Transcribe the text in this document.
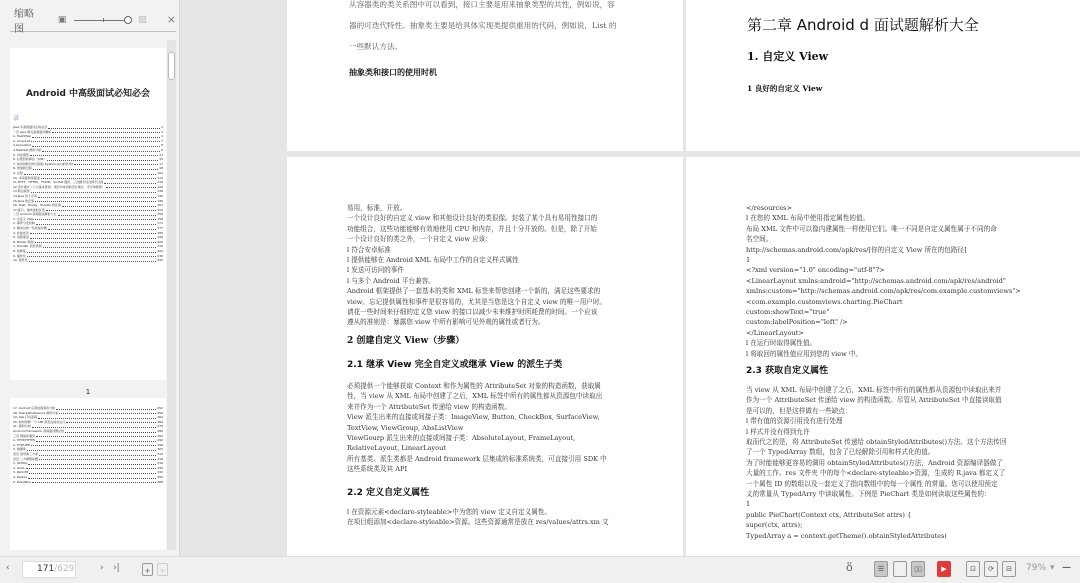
缩略图
▣	▨ ×
Android 中高级面试必知必会
录
Java 中高级面试必知必会	1
一章 Java 相关高频面试解析	1
1. HashMap	1
2. ArrayList	7
3.LinkedList	8
4.HashSet 源码分析	9
5. 内存模型	11
6. 垃圾回收算法（JVM）	15
7. 如何判断对象可回收 System.gc()的作用?	17
8. 类加载过程	18
9. 反射	102
10. 多线程和线程池	112
11.HTTP、HTTPS、TCP/IP、Socket 通讯、三次握手四次挥手过程	116
12.设计模式（六大基本原则、项目中常用的设计模式、手写单例等）	120
13.断点续传	138
14.Java 四大引用	140
15.Java 的泛型	146
16. final、finally、finalize 的区别	151
17.接口、抽象类的区别	152
二章 Android 高频面试解析大全	156
1. 自定义 View	156
2. 事件分发机制	171
3. 解决过的一些性能问题	177
4. 性能优化	185
5. 进程保活	196
6. Binder 机制	206
7. Handler 消息机制	215
8. 热修复	222
9. 插件化	236
10. 组件化	245
1
17. Android 应用进程和包分析	252
18. SharedPreference 源码分析	258
19. apk 打包流程	262
20. 如何判断一个 APP 是否在前台运行	266
21. 源码分析	270
Android Framework 高频面试题总结	280
三章 网络和通讯	292
1. HTTP/HTTPS	292
2. TCP/UDP	298
3. 数据库	305
四章 常用第三方库	310
四章 三方框架问题	316
1. OkHttp	316
2. Glide	330
3. Retrofit	342
4. RxJava	355
5. EventBus	368

从容器类的类关系图中可以看到，接口主要是用来抽象类型的共性，例如说，容

器的可迭代特性。抽象类主要是给具体实现类提供重用的代码，例如说，List 的

一些默认方法。

抽象类和接口的使用时机
第二章 Android d 面试题解析大全
1. 自定义 View
1 良好的自定义 View

易用，标准，开放。

一个设计良好的自定义 view 和其他设计良好的类很像。封装了某个具有易用性接口的

功能组合，这些功能能够有效地使用 CPU 和内存，并且十分开放的。但是，除了开始

一个设计良好的类之外，一个自定义 view 应该：

l 符合安卓标准

l 提供能够在 Android XML 布局中工作的自定义样式属性

l 发送可访问的事件

l 与多个 Android 平台兼容。

Android 框架提供了一套基本的类和 XML 标签来帮您创建一个新的，满足这些要求的

view。忘记提供属性和事件是很容易的，尤其是当您是这个自定义 view 的唯一用户时。

请花一些时间来仔细的定义您 view 的接口以减少未来维护时所耗费的时间。一个应该

遵从的准则是：暴露您 view 中所有影响可见外观的属性或者行为。

2 创建自定义 View（步骤）
2.1 继承 View 完全自定义或继承 View 的派生子类

必须提供一个能够获取 Context 和作为属性的 AttributeSet 对象的构造函数，获取属

性，当 view 从 XML 布局中创建了之后，XML 标签中所有的属性都从资源包中读取出

来并作为一个 AttributeSet 传递给 view 的构造函数。

View 派生出来的直接或间接子类：ImageView, Button, CheckBox, SurfaceView,

TextView, ViewGroup, AbsListView

ViewGourp 派生出来的直接或间接子类：AbsoluteLayout, FrameLayout,

RelativeLayout, LinearLayout

所有基类、派生类都是 Android framework 层集成的标准系统类，可直接引用 SDK 中

这些系统类及其 API

2.2 定义自定义属性

l 在资源元素<declare-styleable>中为您的 view 定义自定义属性。

在项目组添加<declare-styleable>资源。这些资源通常是放在 res/values/attrs.xm 文

</resources>

l 在您的 XML 布局中使用指定属性的值。

布局 XML 文件中可以像内建属性一样使用它们。唯一不同是自定义属性属于不同的命

名空间。

http://schemas.android.com/apk/res/[你的自定义 View 所在的包路径]

1

<?xml version="1.0" encoding="utf-8"?>

<LinearLayout xmlns:android="http://schemas.android.com/apk/res/android"

xmlns:custom="http://schemas.android.com/apk/res/com.example.customviews">

<com.example.customviews.charting.PieChart

custom:showText="true"

custom:labelPosition="left" />

</LinearLayout>

l 在运行时取得属性值。

l 将取回的属性值应用到您的 view 中。

2.3 获取自定义属性

当 view 从 XML 布局中创建了之后，XML 标签中所有的属性都从资源包中读取出来并

作为一个 AttributeSet 传递给 view 的构造函数。尽管从 AttributeSet 中直接读取值

是可以的，但是这样做有一些缺点：

l 带有值的资源引用没有进行处理

l 样式并没有得到允许

取而代之的是，将 AttributeSet 传递给 obtainStyledAttributes()方法。这个方法传回

了一个 TypedArray 数组，包含了已经解除引用和样式化的值。

为了时能能够更容易的调用 obtainStyledAttributes()方法，Android 资源编译器做了

大量的工作。res 文件夹 中的每个<declare-styleable>资源，生成的 R.java 都定义了

一个属性 ID 的数组以及一套定义了指向数组中的每一个属性 的常量。您可以使用预定

义的常量从 TypedArry 中读取属性。下例是 PieChart 类是如何读取这些属性的：

1

public PieChart(Context ctx, AttributeSet attrs) {

super(ctx, attrs);

TypedArray a = context.getTheme().obtainStyledAttributes(

‹	171/629	› ›|	+	+	ὅ	☰	▯▯	▶	⊡	⟳	⊟	79% ▾ —
